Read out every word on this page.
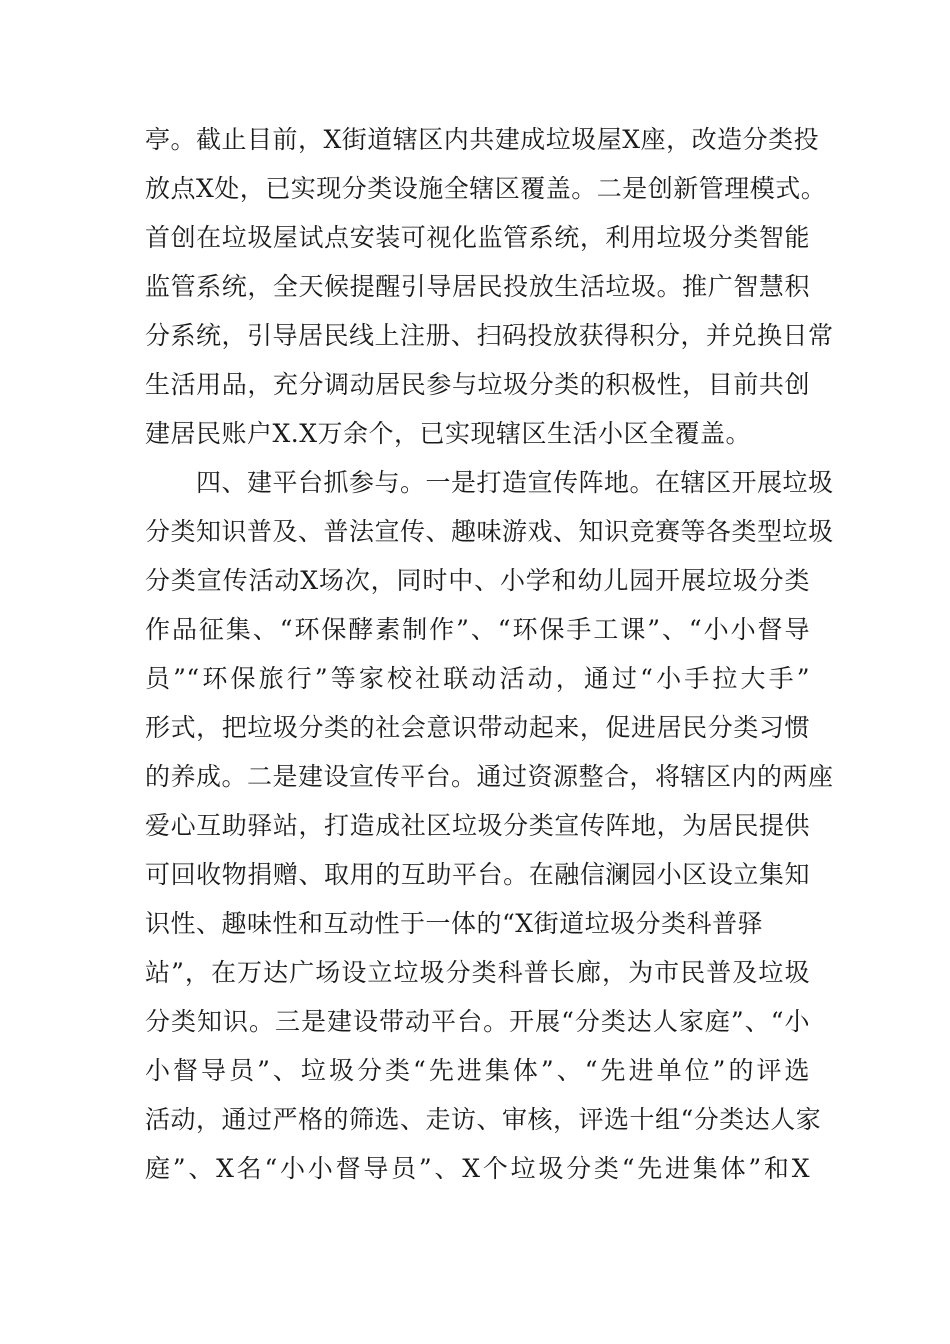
亭。截止目前，X街道辖区内共建成垃圾屋X座，改造分类投
放点X处，已实现分类设施全辖区覆盖。二是创新管理模式。
首创在垃圾屋试点安装可视化监管系统，利用垃圾分类智能
监管系统，全天候提醒引导居民投放生活垃圾。推广智慧积
分系统，引导居民线上注册、扫码投放获得积分，并兑换日常
生活用品，充分调动居民参与垃圾分类的积极性，目前共创
建居民账户X.X万余个，已实现辖区生活小区全覆盖。
四、建平台抓参与。一是打造宣传阵地。在辖区开展垃圾
分类知识普及、普法宣传、趣味游戏、知识竞赛等各类型垃圾
分类宣传活动X场次，同时中、小学和幼儿园开展垃圾分类
作品征集、“环保酵素制作”、“环保手工课”、“小小督导
员”“环保旅行”等家校社联动活动，通过“小手拉大手”
形式，把垃圾分类的社会意识带动起来，促进居民分类习惯
的养成。二是建设宣传平台。通过资源整合，将辖区内的两座
爱心互助驿站，打造成社区垃圾分类宣传阵地，为居民提供
可回收物捐赠、取用的互助平台。在融信澜园小区设立集知
识性、趣味性和互动性于一体的“X街道垃圾分类科普驿
站”，在万达广场设立垃圾分类科普长廊，为市民普及垃圾
分类知识。三是建设带动平台。开展“分类达人家庭”、“小
小督导员”、垃圾分类“先进集体”、“先进单位”的评选
活动，通过严格的筛选、走访、审核，评选十组“分类达人家
庭”、X名“小小督导员”、X个垃圾分类“先进集体”和X
